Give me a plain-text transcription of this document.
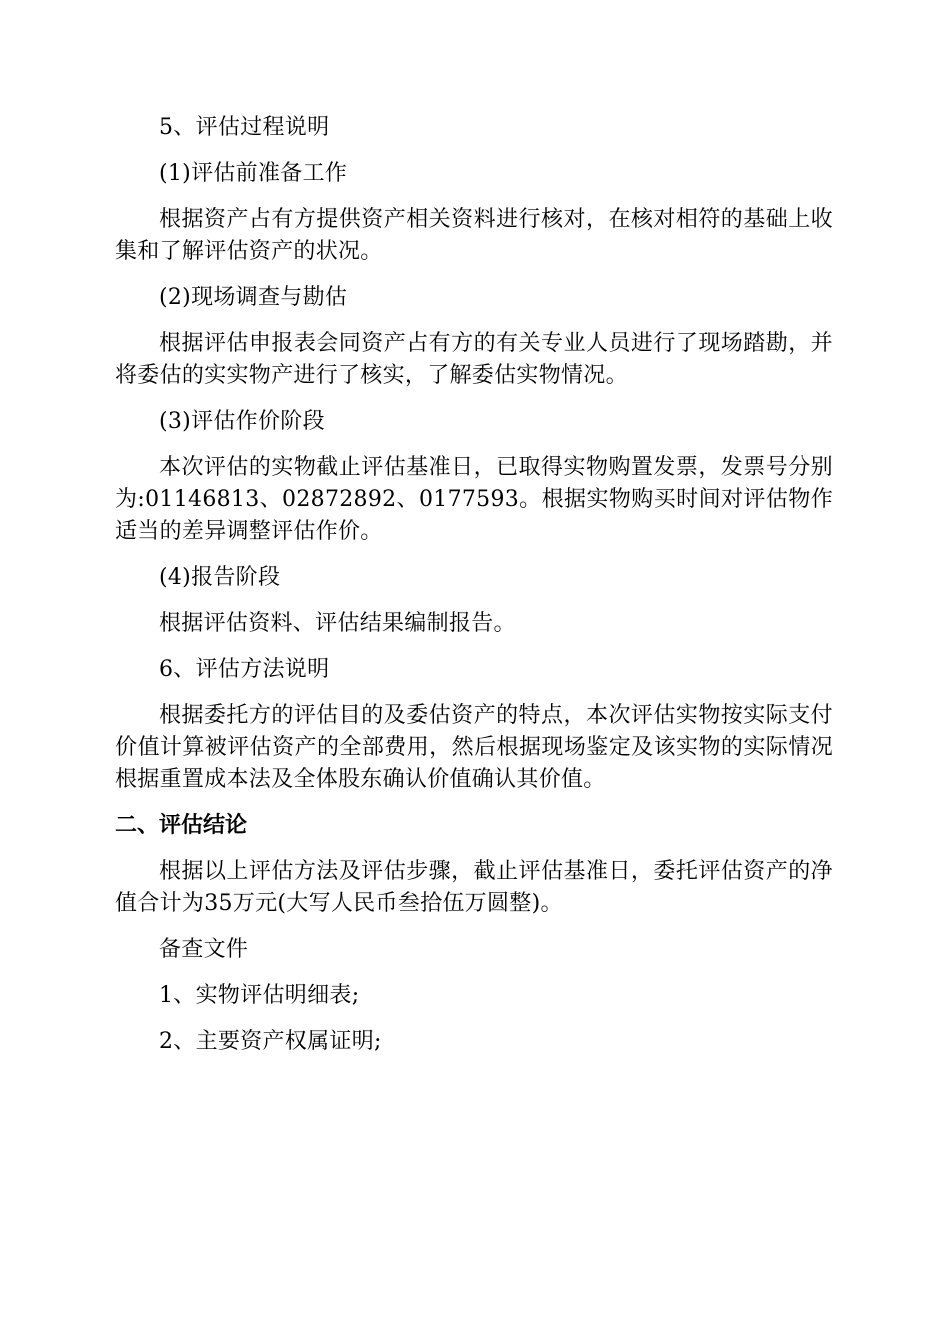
5、评估过程说明

(1)评估前准备工作

根据资产占有方提供资产相关资料进行核对，在核对相符的基础上收集和了解评估资产的状况。

(2)现场调查与勘估

根据评估申报表会同资产占有方的有关专业人员进行了现场踏勘，并将委估的实实物产进行了核实，了解委估实物情况。

(3)评估作价阶段

本次评估的实物截止评估基准日，已取得实物购置发票，发票号分别为:01146813、02872892、0177593。根据实物购买时间对评估物作适当的差异调整评估作价。

(4)报告阶段

根据评估资料、评估结果编制报告。

6、评估方法说明

根据委托方的评估目的及委估资产的特点，本次评估实物按实际支付价值计算被评估资产的全部费用，然后根据现场鉴定及该实物的实际情况根据重置成本法及全体股东确认价值确认其价值。

二、评估结论

根据以上评估方法及评估步骤，截止评估基准日，委托评估资产的净值合计为35万元(大写人民币叁拾伍万圆整)。

备查文件

1、实物评估明细表;

2、主要资产权属证明;
